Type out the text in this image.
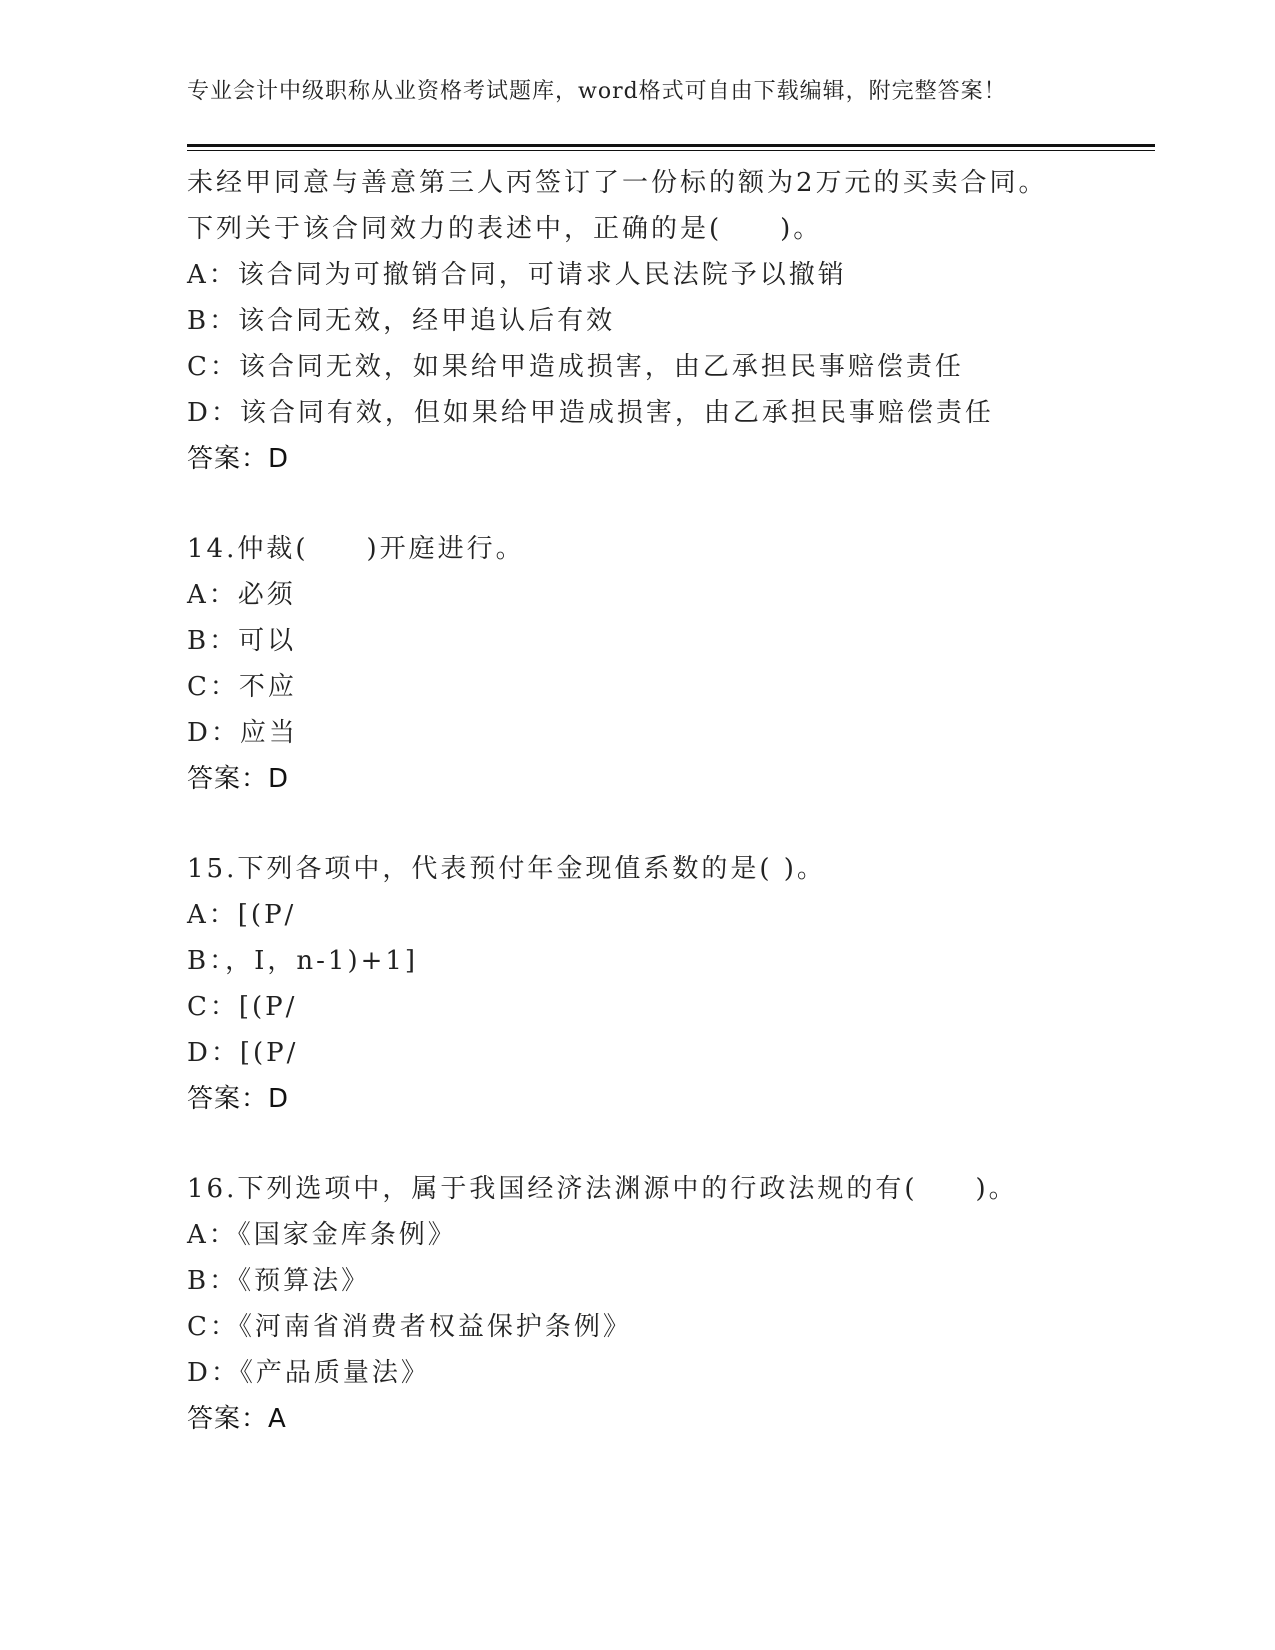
专业会计中级职称从业资格考试题库，word格式可自由下载编辑，附完整答案！
未经甲同意与善意第三人丙签订了一份标的额为2万元的买卖合同。
下列关于该合同效力的表述中，正确的是(　　)。
A：该合同为可撤销合同，可请求人民法院予以撤销
B：该合同无效，经甲追认后有效
C：该合同无效，如果给甲造成损害，由乙承担民事赔偿责任
D：该合同有效，但如果给甲造成损害，由乙承担民事赔偿责任
答案：D
14.仲裁(　　)开庭进行。
A：必须
B：可以
C：不应
D：应当
答案：D
15.下列各项中，代表预付年金现值系数的是( )。
A：[(P/
B：，I，n-1)+1]
C：[(P/
D：[(P/
答案：D
16.下列选项中，属于我国经济法渊源中的行政法规的有(　　)。
A：《国家金库条例》
B：《预算法》
C：《河南省消费者权益保护条例》
D：《产品质量法》
答案：A
